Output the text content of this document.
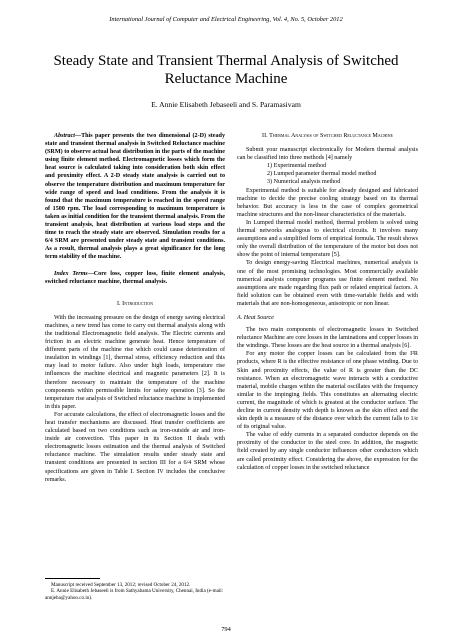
International Journal of Computer and Electrical Engineering, Vol. 4, No. 5, October 2012
Steady State and Transient Thermal Analysis of Switched
Reluctance Machine
E. Annie Elisabeth Jebaseeli and S. Paramasivam

Abstract—This paper presents the two dimensional (2-D) steady state and transient thermal analysis in Switched Reluctance machine (SRM) to observe actual heat distribution in the parts of the machine using finite element method. Electromagnetic losses which form the heat source is calculated taking into consideration both skin effect and proximity effect. A 2-D steady state analysis is carried out to observe the temperature distribution and maximum temperature for wide range of speed and load conditions. From the analysis it is found that the maximum temperature is reached in the speed range of 1500 rpm. The load corresponding to maximum temperature is taken as initial condition for the transient thermal analysis. From the transient analysis, heat distribution at various load steps and the time to reach the steady state are observed. Simulation results for a 6/4 SRM are presented under steady state and transient conditions. As a result, thermal analysis plays a great significance for the long term stability of the machine.

Index Terms—Core loss, copper loss, finite element analysis, switched reluctance machine, thermal analysis.

I. Introduction

With the increasing pressure on the design of energy saving electrical machines, a new trend has come to carry out thermal analysis along with the traditional Electromagnetic field analysis. The Electric currents and friction in an electric machine generate heat. Hence temperature of different parts of the machine rise which could cause deterioration of insulation in windings [1], thermal stress, efficiency reduction and this may lead to motor failure. Also under high loads, temperature rise influences the machine electrical and magnetic parameters [2]. It is therefore necessary to maintain the temperature of the machine components within permissible limits for safety operation [3]. So the temperature rise analysis of Switched reluctance machine is implemented in this paper.

For accurate calculations, the effect of electromagnetic losses and the heat transfer mechanisms are discussed. Heat transfer coefficients are calculated based on two conditions such as iron-outside air and iron- inside air convection. This paper in its Section II deals with electromagnetic losses estimation and the thermal analysis of Switched reluctance machine. The simulation results under steady state and transient conditions are presented in section III for a 6/4 SRM whose specifications are given in Table I. Section IV includes the conclusive remarks.

Manuscript received September 13, 2012; revised October 24, 2012.

E. Annie Elisabeth Jebaseeli is from Sathyabama University, Chennai, India (e-mail: annjeba@yahoo.co.in).

II. Thermal Analysis of Switched Reluctance Machine

Submit your manuscript electronically for Modern thermal analysis can be classified into three methods [4] namely

1) Experimental method

2) Lumped parameter thermal model method

3) Numerical analysis method

Experimental method is suitable for already designed and fabricated machine to decide the precise cooling strategy based on its thermal behavior. But accuracy is less in the case of complex geometrical machine structures and the non-linear characteristics of the materials.

In Lumped thermal model method, thermal problem is solved using thermal networks analogous to electrical circuits. It involves many assumptions and a simplified form of empirical formula. The result shows only the overall distribution of the temperature of the motor but does not show the point of internal temperature [5].

To design energy-saving Electrical machines, numerical analysis is one of the most promising technologies. Most commercially available numerical analysis computer programs use finite element method. No assumptions are made regarding flux path or related empirical factors. A field solution can be obtained even with time-variable fields and with materials that are non-homogeneous, anisotropic or non linear.

A. Heat Source

The two main components of electromagnetic losses in Switched reluctance Machine are core losses in the laminations and copper losses in the windings. These losses are the heat source in a thermal analysis [6].

For any motor the copper losses can be calculated from the I²R products, where R is the effective resistance of one phase winding. Due to Skin and proximity effects, the value of R is greater than the DC resistance. When an electromagnetic wave interacts with a conductive material, mobile charges within the material oscillates with the frequency similar to the impinging fields. This constitutes an alternating electric current, the magnitude of which is greatest at the conductor surface. The decline in current density with depth is known as the skin effect and the skin depth is a measure of the distance over which the current falls to 1/e of its original value.

The value of eddy currents in a separated conductor depends on the proximity of the conductor to the steel core. In addition, the magnetic field created by any single conductor influences other conductors which are called proximity effect. Considering the above, the expression for the calculation of copper losses in the switched reluctance

794
